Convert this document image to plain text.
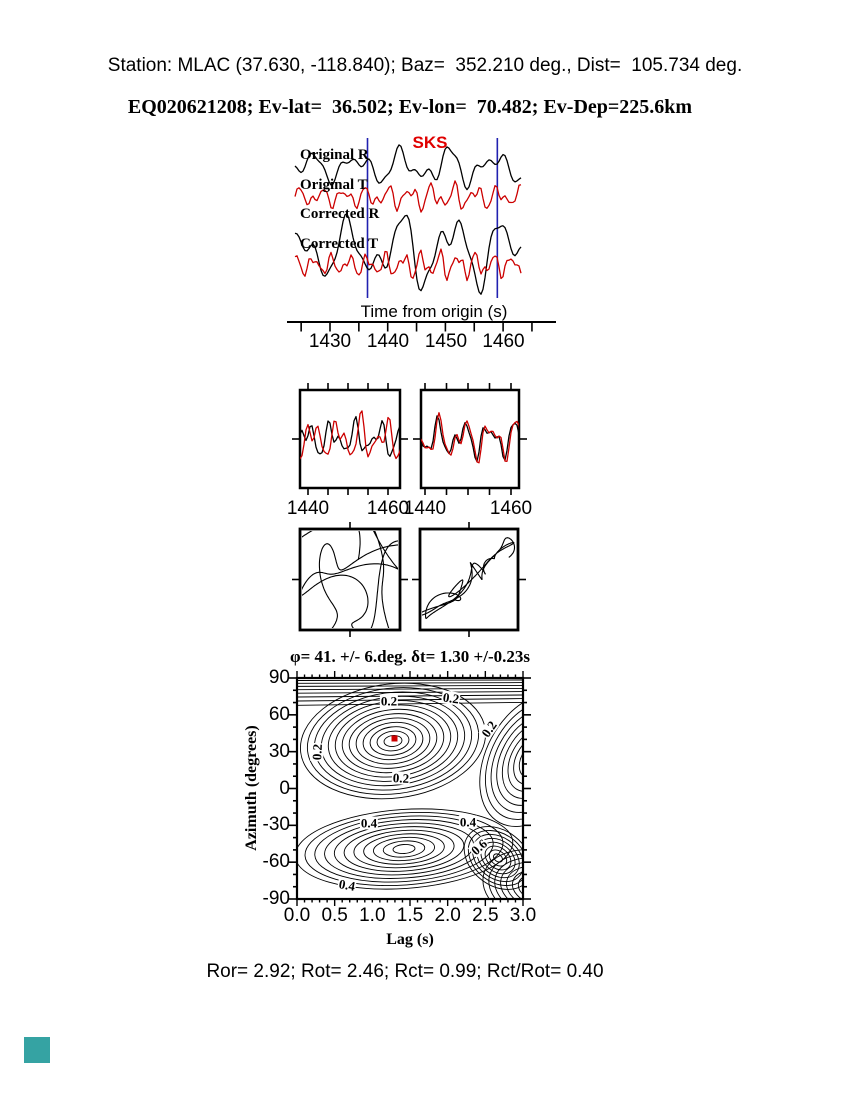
Station: MLAC (37.630, -118.840); Baz=  352.210 deg., Dist=  105.734 deg.
EQ020621208; Ev-lat=  36.502; Ev-lon=  70.482; Ev-Dep=225.6km
SKS
Original R
Original T
Corrected R
Corrected T
Time from origin (s)
1430 1440 1450 1460
1440	1460
1440	1460
φ= 41. +/- 6.deg. δt= 1.30 +/-0.23s
Azimuth (degrees)
90
60
30
0
-30
-60
-90
0.0 0.5 1.0 1.5 2.0 2.5 3.0
0.2	0.2
0.2
0.2
0.2
0.4	0.4
0.6
0.4
Lag (s)
Ror= 2.92; Rot= 2.46; Rct= 0.99; Rct/Rot= 0.40
